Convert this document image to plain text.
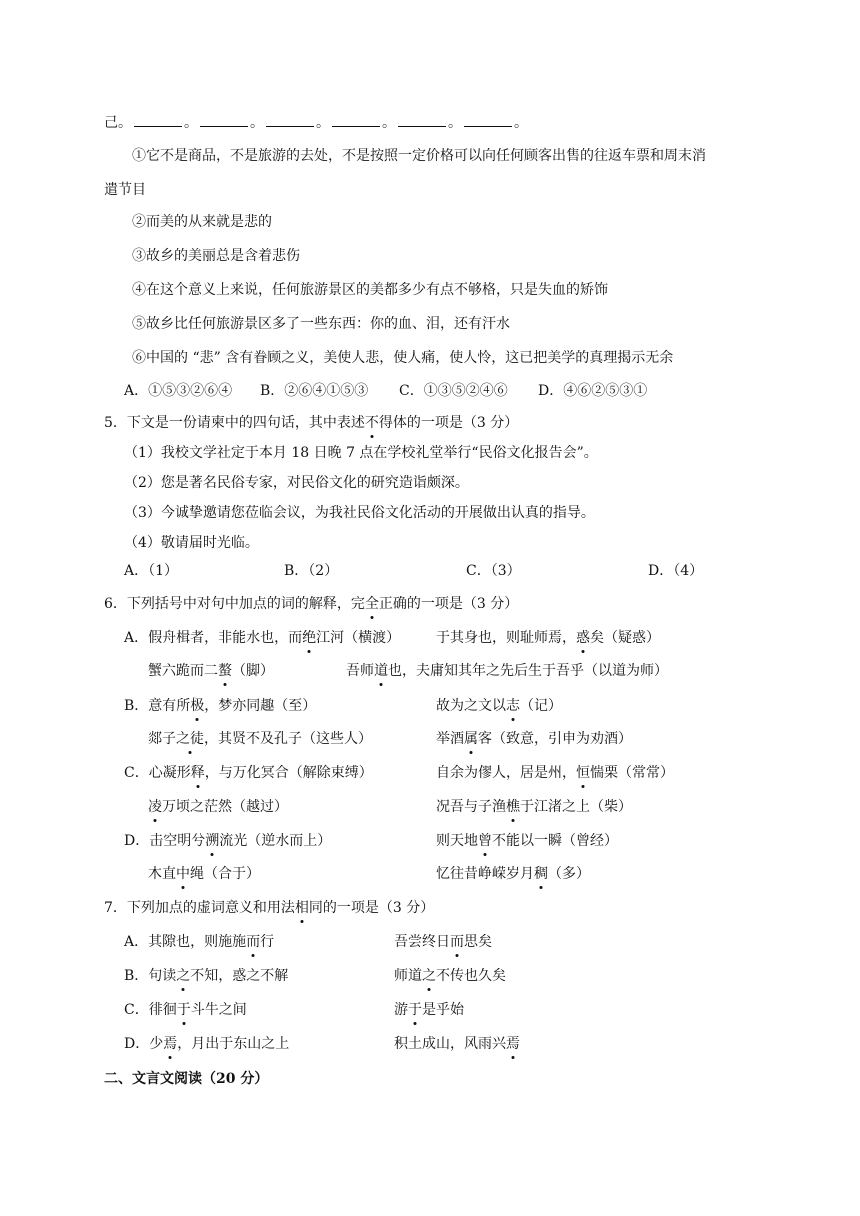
己。	。	。	。	。	。	。
①它不是商品，不是旅游的去处，不是按照一定价格可以向任何顾客出售的往返车票和周末消
遣节目
②而美的从来就是悲的
③故乡的美丽总是含着悲伤
④在这个意义上来说，任何旅游景区的美都多少有点不够格，只是失血的矫饰
⑤故乡比任何旅游景区多了一些东西：你的血、泪，还有汗水
⑥中国的 “悲” 含有眷顾之义，美使人悲，使人痛，使人怜，这已把美学的真理揭示无余
A．①⑤③②⑥④ B．②⑥④①⑤③ C．①③⑤②④⑥ D．④⑥②⑤③①
5．下文是一份请柬中的四句话，其中表述不得体的一项是（3 分）
（1）我校文学社定于本月 18 日晚 7 点在学校礼堂举行“民俗文化报告会”。
（2）您是著名民俗专家，对民俗文化的研究造诣颇深。
（3）今诚挚邀请您莅临会议，为我社民俗文化活动的开展做出认真的指导。
（4）敬请届时光临。
A．（1）	B．（2）	C．（3）	D．（4）
6．下列括号中对句中加点的词的解释，完全正确的一项是（3 分）
A．假舟楫者，非能水也，而绝江河（横渡）	于其身也，则耻师焉，惑矣（疑惑）
蟹六跪而二螯（脚）	吾师道也，夫庸知其年之先后生于吾乎（以道为师）
B．意有所极，梦亦同趣（至）	故为之文以志（记）
郯子之徒，其贤不及孔子（这些人）	举酒属客（致意，引申为劝酒）
C．心凝形释，与万化冥合（解除束缚）	自余为僇人，居是州，恒惴栗（常常）
凌万顷之茫然（越过）	况吾与子渔樵于江渚之上（柴）
D．击空明兮溯流光（逆水而上）	则天地曾不能以一瞬（曾经）
木直中绳（合于）	忆往昔峥嵘岁月稠（多）
7．下列加点的虚词意义和用法相同的一项是（3 分）
A．其隙也，则施施而行	吾尝终日而思矣
B．句读之不知，惑之不解	师道之不传也久矣
C．徘徊于斗牛之间	游于是乎始
D．少焉，月出于东山之上	积土成山，风雨兴焉
二、文言文阅读（20 分）
